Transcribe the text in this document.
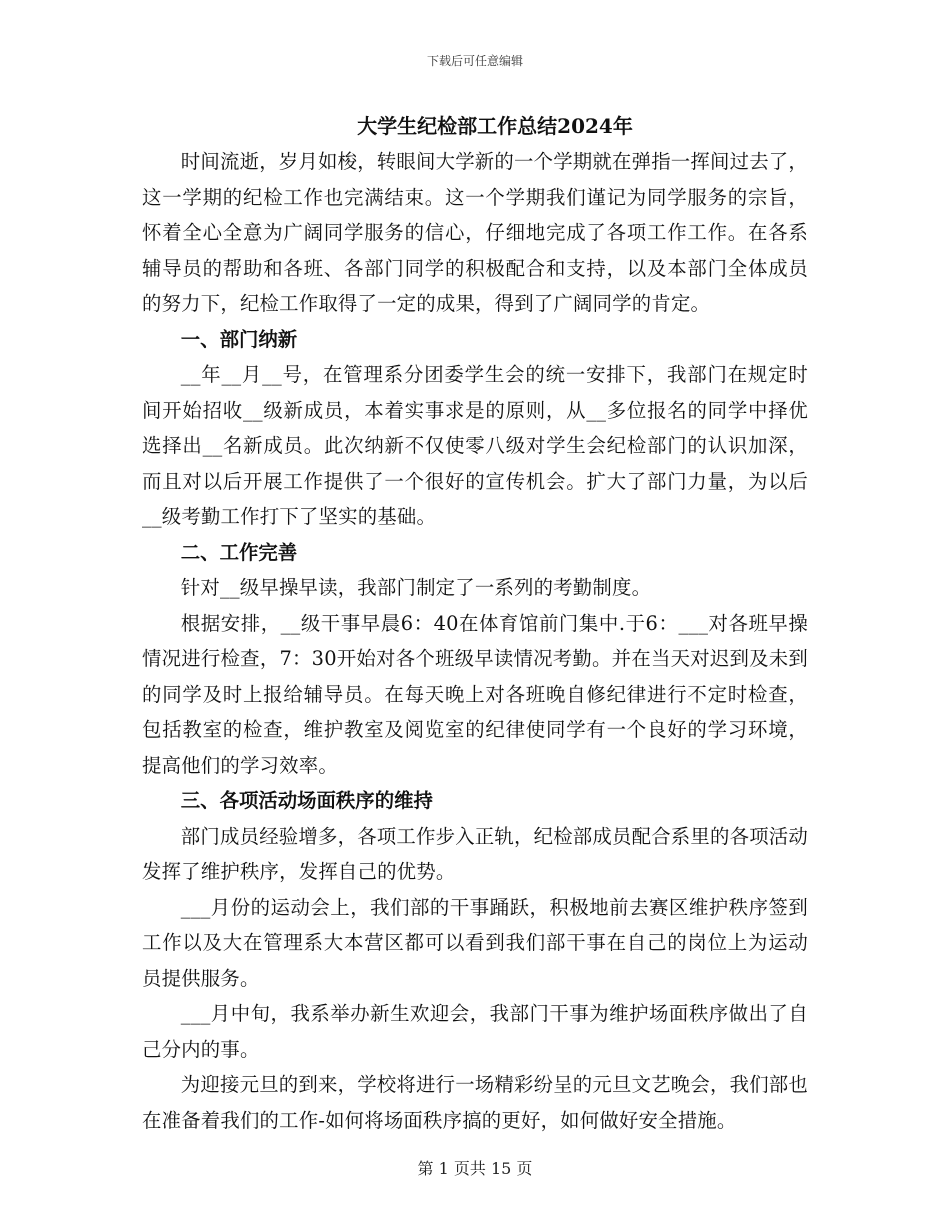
下载后可任意编辑
大学生纪检部工作总结2024年

时间流逝，岁月如梭，转眼间大学新的一个学期就在弹指一挥间过去了，这一学期的纪检工作也完满结束。这一个学期我们谨记为同学服务的宗旨，怀着全心全意为广阔同学服务的信心，仔细地完成了各项工作工作。在各系辅导员的帮助和各班、各部门同学的积极配合和支持，以及本部门全体成员的努力下，纪检工作取得了一定的成果，得到了广阔同学的肯定。

一、部门纳新

__年__月__号，在管理系分团委学生会的统一安排下，我部门在规定时间开始招收__级新成员，本着实事求是的原则，从__多位报名的同学中择优选择出__名新成员。此次纳新不仅使零八级对学生会纪检部门的认识加深，而且对以后开展工作提供了一个很好的宣传机会。扩大了部门力量，为以后__级考勤工作打下了坚实的基础。

二、工作完善

针对__级早操早读，我部门制定了一系列的考勤制度。

根据安排，__级干事早晨6：40在体育馆前门集中.于6：___对各班早操情况进行检查，7：30开始对各个班级早读情况考勤。并在当天对迟到及未到的同学及时上报给辅导员。在每天晚上对各班晚自修纪律进行不定时检查，包括教室的检查，维护教室及阅览室的纪律使同学有一个良好的学习环境，提高他们的学习效率。

三、各项活动场面秩序的维持

部门成员经验增多，各项工作步入正轨，纪检部成员配合系里的各项活动发挥了维护秩序，发挥自己的优势。

___月份的运动会上，我们部的干事踊跃，积极地前去赛区维护秩序签到工作以及大在管理系大本营区都可以看到我们部干事在自己的岗位上为运动员提供服务。

___月中旬，我系举办新生欢迎会，我部门干事为维护场面秩序做出了自己分内的事。

为迎接元旦的到来，学校将进行一场精彩纷呈的元旦文艺晚会，我们部也在准备着我们的工作-如何将场面秩序搞的更好，如何做好安全措施。

第 1 页共 15 页
